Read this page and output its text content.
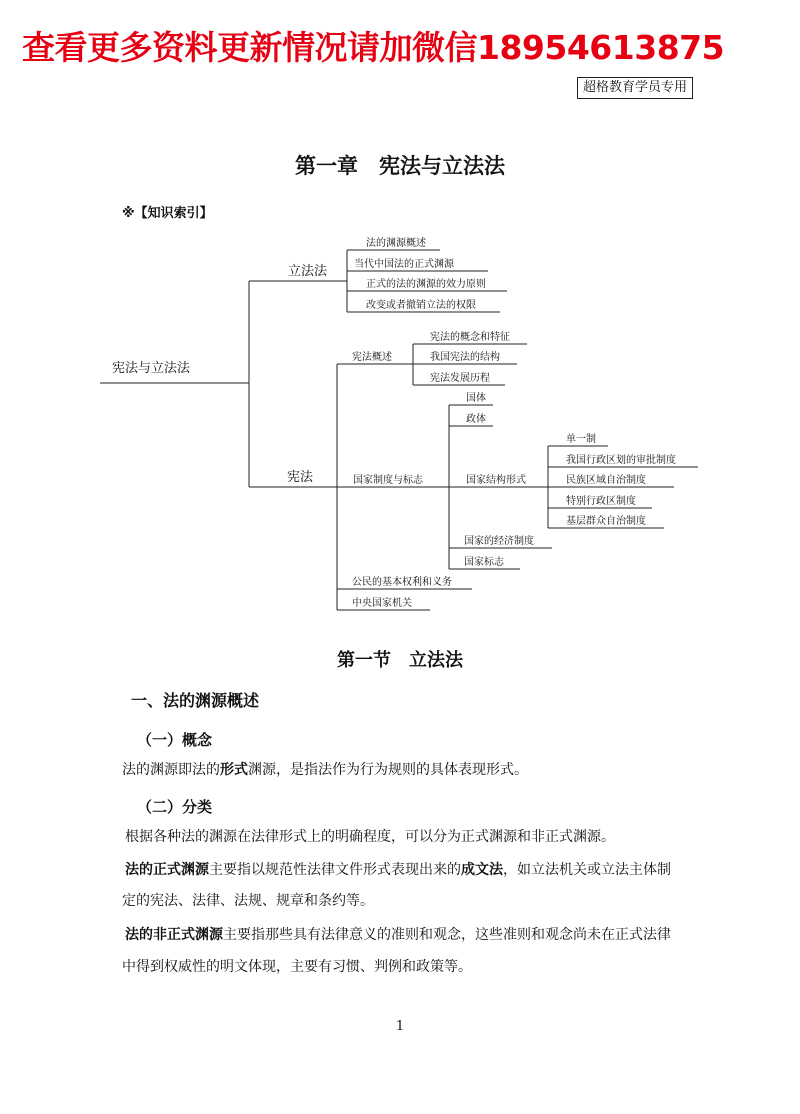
查看更多资料更新情况请加微信18954613875
超格教育学员专用
第一章　宪法与立法法
※【知识索引】
宪法与立法法
立法法
法的渊源概述
当代中国法的正式渊源
正式的法的渊源的效力原则
改变或者撤销立法的权限
宪法
宪法概述
宪法的概念和特征
我国宪法的结构
宪法发展历程
国家制度与标志
国体
政体
国家结构形式
单一制
我国行政区划的审批制度
民族区域自治制度
特别行政区制度
基层群众自治制度
国家的经济制度
国家标志
公民的基本权利和义务
中央国家机关
第一节　立法法
一、法的渊源概述
（一）概念
法的渊源即法的形式渊源，是指法作为行为规则的具体表现形式。
（二）分类
根据各种法的渊源在法律形式上的明确程度，可以分为正式渊源和非正式渊源。
法的正式渊源主要指以规范性法律文件形式表现出来的成文法，如立法机关或立法主体制
定的宪法、法律、法规、规章和条约等。
法的非正式渊源主要指那些具有法律意义的准则和观念，这些准则和观念尚未在正式法律
中得到权威性的明文体现，主要有习惯、判例和政策等。
1
